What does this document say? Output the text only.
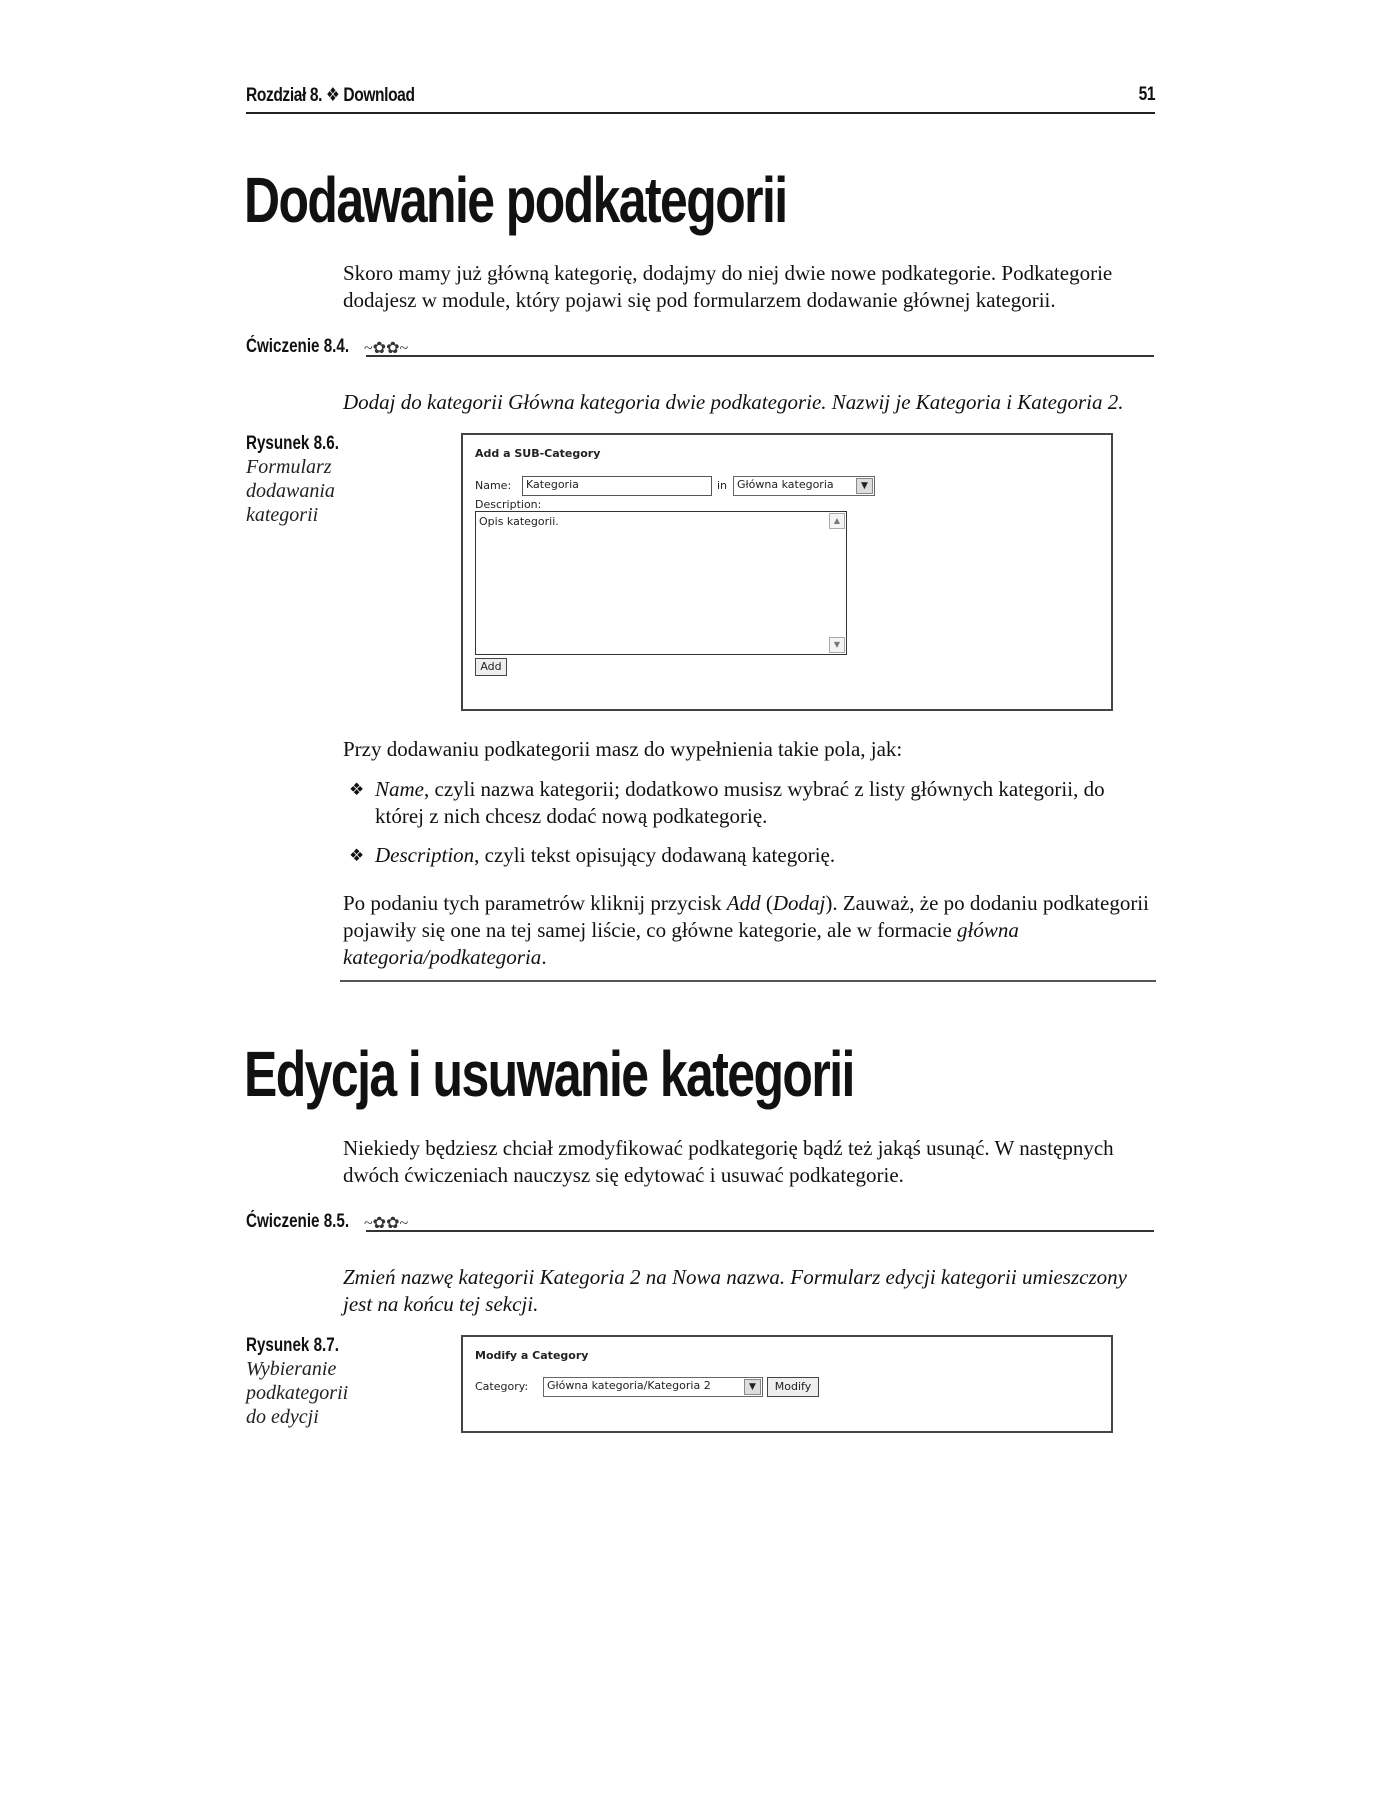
Rozdział 8. ❖ Download	51
Dodawanie podkategorii
Skoro mamy już główną kategorię, dodajmy do niej dwie nowe podkategorie. Podkategorie dodajesz w module, który pojawi się pod formularzem dodawanie głównej kategorii.
Ćwiczenie 8.4. ~✿✿~
Dodaj do kategorii Główna kategoria dwie podkategorie. Nazwij je Kategoria i Kategoria 2.
Rysunek 8.6.
Formularz dodawania kategorii
Add a SUB-Category
Name:	Kategoria	in Główna kategoria	▼
Description:
Opis kategorii.	▲
▼
Add
Przy dodawaniu podkategorii masz do wypełnienia takie pola, jak:
❖ Name, czyli nazwa kategorii; dodatkowo musisz wybrać z listy głównych kategorii, do której z nich chcesz dodać nową podkategorię.
❖ Description, czyli tekst opisujący dodawaną kategorię.
Po podaniu tych parametrów kliknij przycisk Add (Dodaj). Zauważ, że po dodaniu podkategorii pojawiły się one na tej samej liście, co główne kategorie, ale w formacie główna kategoria/podkategoria.
Edycja i usuwanie kategorii
Niekiedy będziesz chciał zmodyfikować podkategorię bądź też jakąś usunąć. W następnych dwóch ćwiczeniach nauczysz się edytować i usuwać podkategorie.
Ćwiczenie 8.5. ~✿✿~
Zmień nazwę kategorii Kategoria 2 na Nowa nazwa. Formularz edycji kategorii umieszczony jest na końcu tej sekcji.
Rysunek 8.7.
Wybieranie podkategorii do edycji
Modify a Category
Category:	Główna kategoria/Kategoria 2	▼	Modify
